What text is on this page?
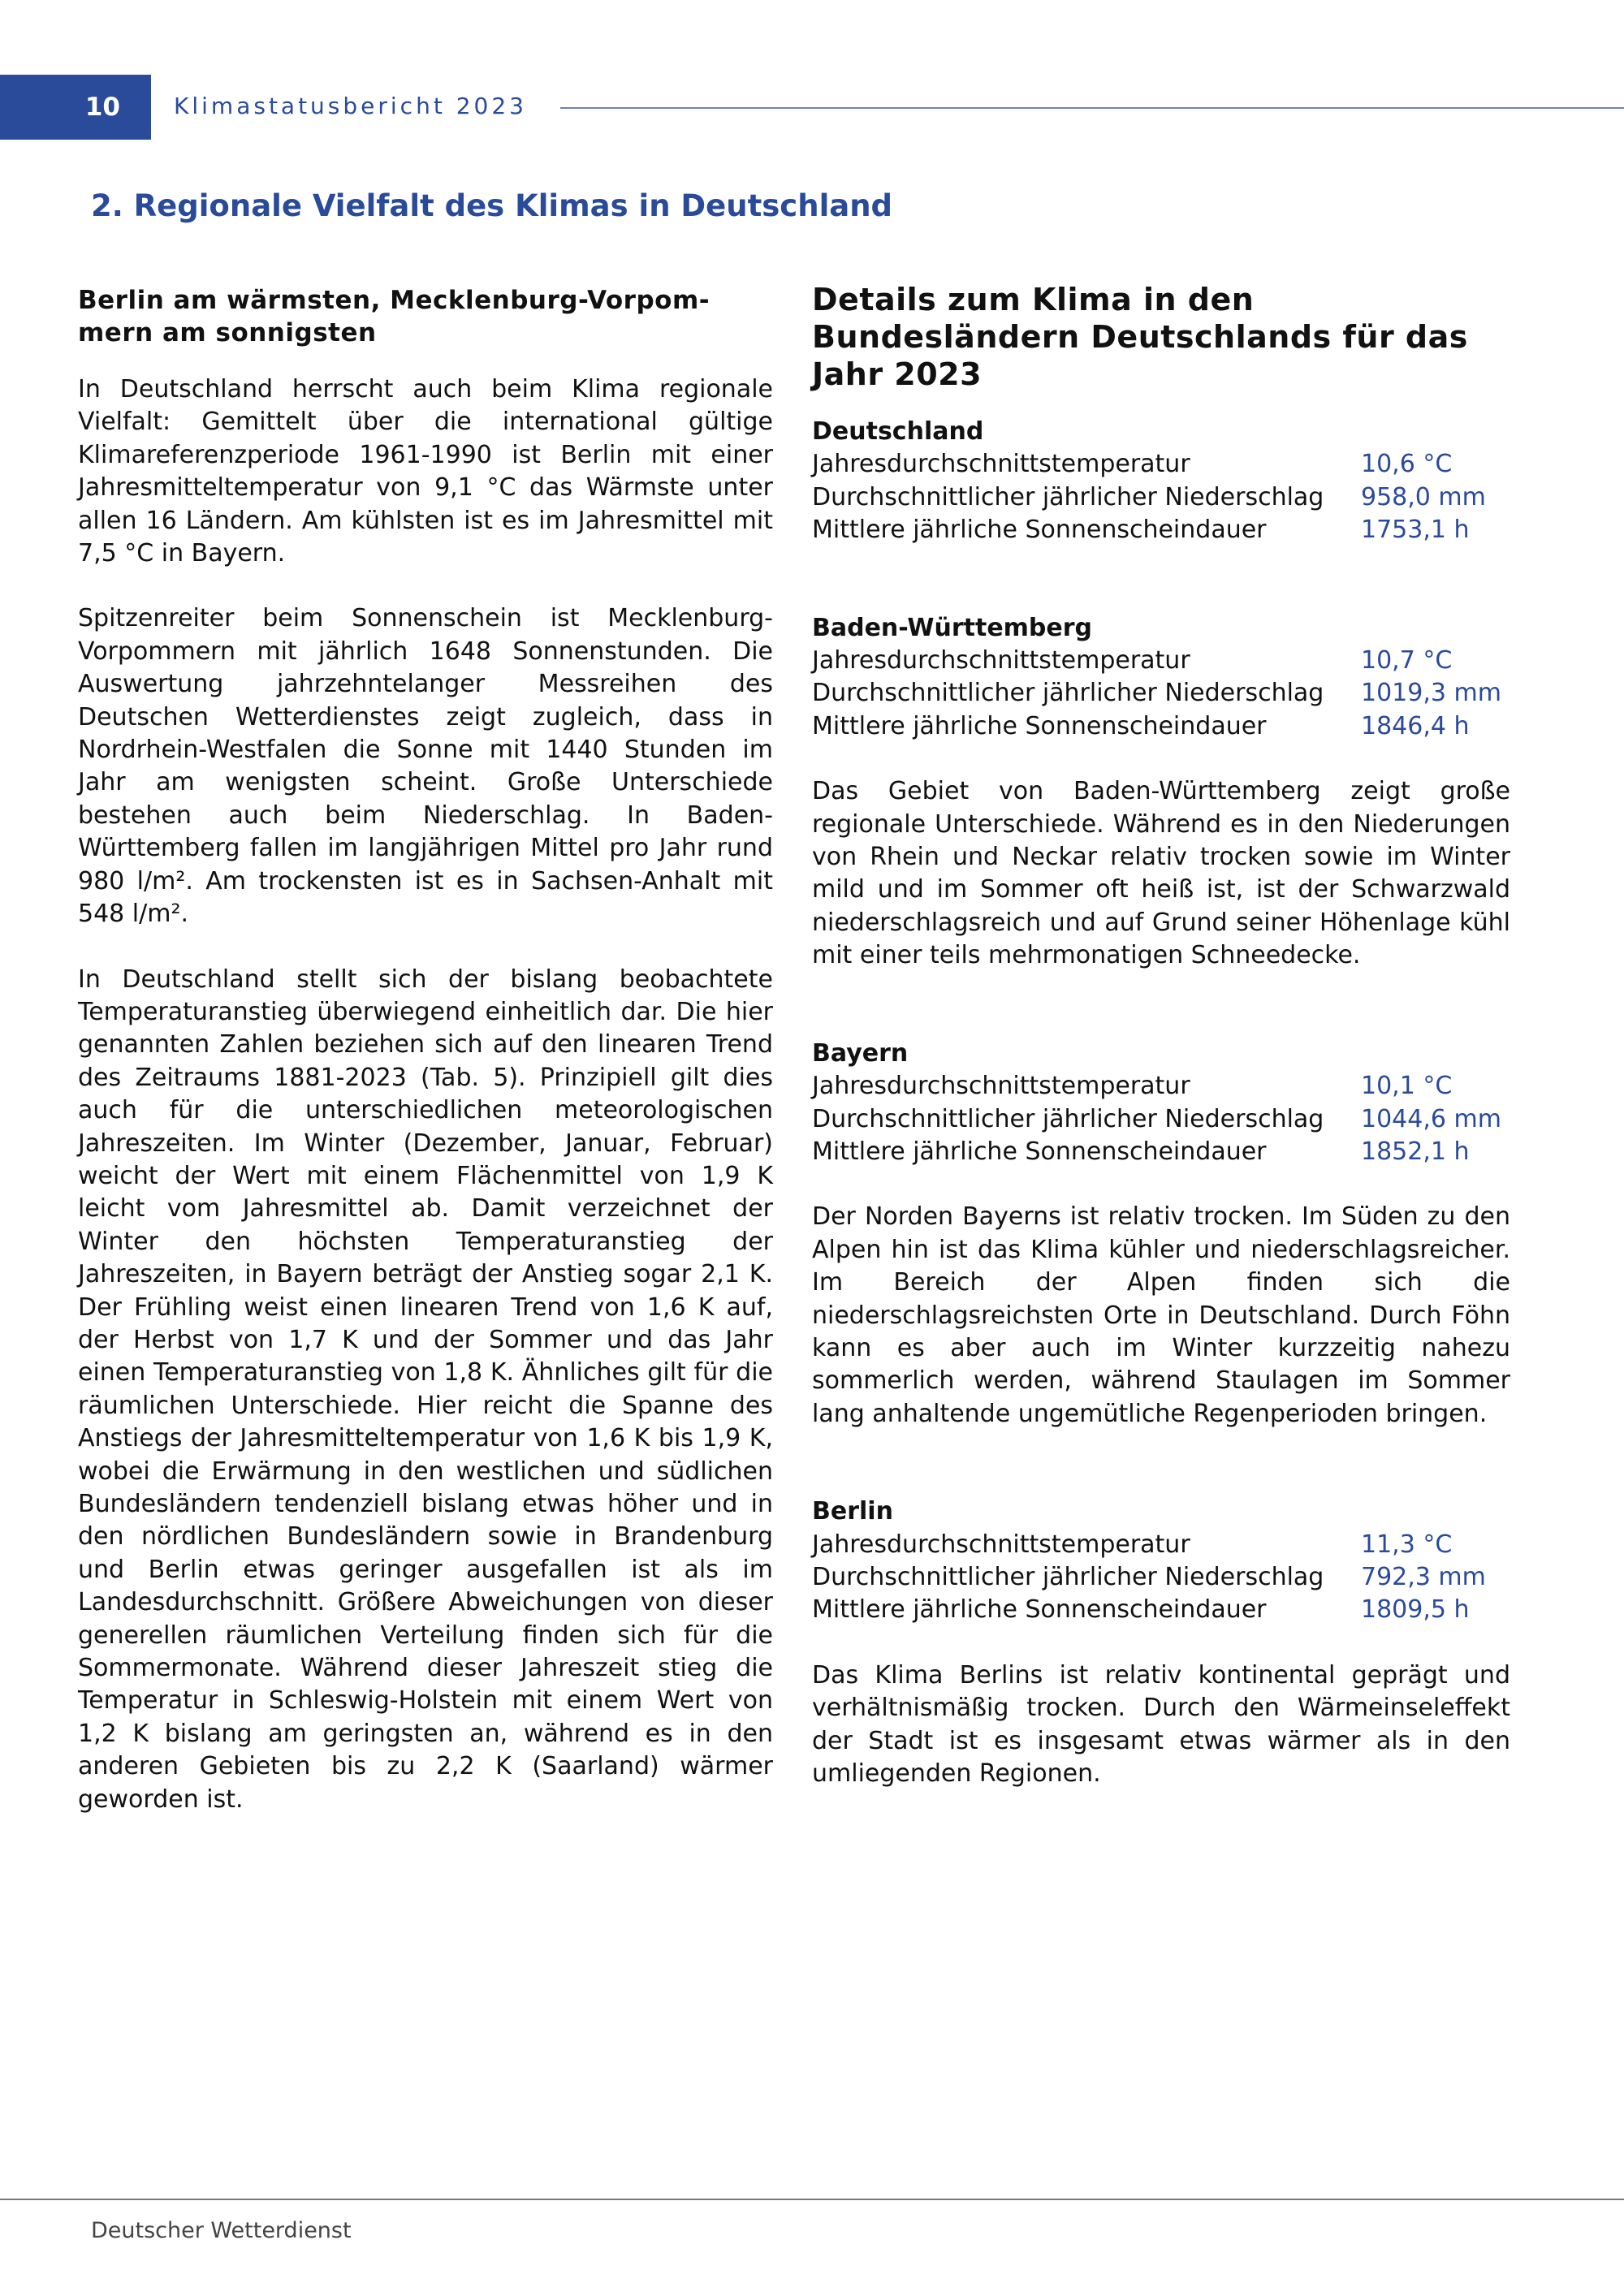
10	Klimastatusbericht 2023
2. Regionale Vielfalt des Klimas in Deutschland
Berlin am wärmsten, Mecklenburg-Vorpom-mern am sonnigsten

In Deutschland herrscht auch beim Klima regionale Vielfalt: Gemittelt über die international gültige Klimareferenzperiode 1961-1990 ist Berlin mit einer Jahresmitteltemperatur von 9,1 °C das Wärmste unter allen 16 Ländern. Am kühlsten ist es im Jahresmittel mit 7,5 °C in Bayern.

Spitzenreiter beim Sonnenschein ist Mecklenburg-Vorpommern mit jährlich 1648 Sonnenstunden. Die Auswertung jahrzehntelanger Messreihen des Deutschen Wetterdienstes zeigt zugleich, dass in Nordrhein-Westfalen die Sonne mit 1440 Stunden im Jahr am wenigsten scheint. Große Unterschiede bestehen auch beim Niederschlag. In Baden-Württemberg fallen im langjährigen Mittel pro Jahr rund 980 l/m². Am trockensten ist es in Sachsen-Anhalt mit 548 l/m².

In Deutschland stellt sich der bislang beobachtete Temperaturanstieg überwiegend einheitlich dar. Die hier genannten Zahlen beziehen sich auf den linearen Trend des Zeitraums 1881-2023 (Tab. 5). Prinzipiell gilt dies auch für die unterschiedlichen meteorologischen Jahreszeiten. Im Winter (Dezember, Januar, Februar) weicht der Wert mit einem Flächenmittel von 1,9 K leicht vom Jahresmittel ab. Damit verzeichnet der Winter den höchsten Temperaturanstieg der Jahreszeiten, in Bayern beträgt der Anstieg sogar 2,1 K. Der Frühling weist einen linearen Trend von 1,6 K auf, der Herbst von 1,7 K und der Sommer und das Jahr einen Temperaturanstieg von 1,8 K. Ähnliches gilt für die räumlichen Unterschiede. Hier reicht die Spanne des Anstiegs der Jahresmitteltemperatur von 1,6 K bis 1,9 K, wobei die Erwärmung in den westlichen und südlichen Bundesländern tendenziell bislang etwas höher und in den nördlichen Bundesländern sowie in Brandenburg und Berlin etwas geringer ausgefallen ist als im Landesdurchschnitt. Größere Abweichungen von dieser generellen räumlichen Verteilung finden sich für die Sommermonate. Während dieser Jahreszeit stieg die Temperatur in Schleswig-Holstein mit einem Wert von 1,2 K bislang am geringsten an, während es in den anderen Gebieten bis zu 2,2 K (Saarland) wärmer geworden ist.

Details zum Klima in den Bundesländern Deutschlands für das Jahr 2023
Deutschland
Jahresdurchschnittstemperatur	10,6 °C
Durchschnittlicher jährlicher Niederschlag	958,0 mm
Mittlere jährliche Sonnenscheindauer	1753,1 h
Baden-Württemberg
Jahresdurchschnittstemperatur	10,7 °C
Durchschnittlicher jährlicher Niederschlag	1019,3 mm
Mittlere jährliche Sonnenscheindauer	1846,4 h

Das Gebiet von Baden-Württemberg zeigt große regionale Unterschiede. Während es in den Niederungen von Rhein und Neckar relativ trocken sowie im Winter mild und im Sommer oft heiß ist, ist der Schwarzwald niederschlagsreich und auf Grund seiner Höhenlage kühl mit einer teils mehrmonatigen Schneedecke.

Bayern
Jahresdurchschnittstemperatur	10,1 °C
Durchschnittlicher jährlicher Niederschlag	1044,6 mm
Mittlere jährliche Sonnenscheindauer	1852,1 h

Der Norden Bayerns ist relativ trocken. Im Süden zu den Alpen hin ist das Klima kühler und niederschlagsreicher. Im Bereich der Alpen finden sich die niederschlagsreichsten Orte in Deutschland. Durch Föhn kann es aber auch im Winter kurzzeitig nahezu sommerlich werden, während Staulagen im Sommer lang anhaltende ungemütliche Regenperioden bringen.

Berlin
Jahresdurchschnittstemperatur	11,3 °C
Durchschnittlicher jährlicher Niederschlag	792,3 mm
Mittlere jährliche Sonnenscheindauer	1809,5 h

Das Klima Berlins ist relativ kontinental geprägt und verhältnismäßig trocken. Durch den Wärmeinseleffekt der Stadt ist es insgesamt etwas wärmer als in den umliegenden Regionen.

Deutscher Wetterdienst
